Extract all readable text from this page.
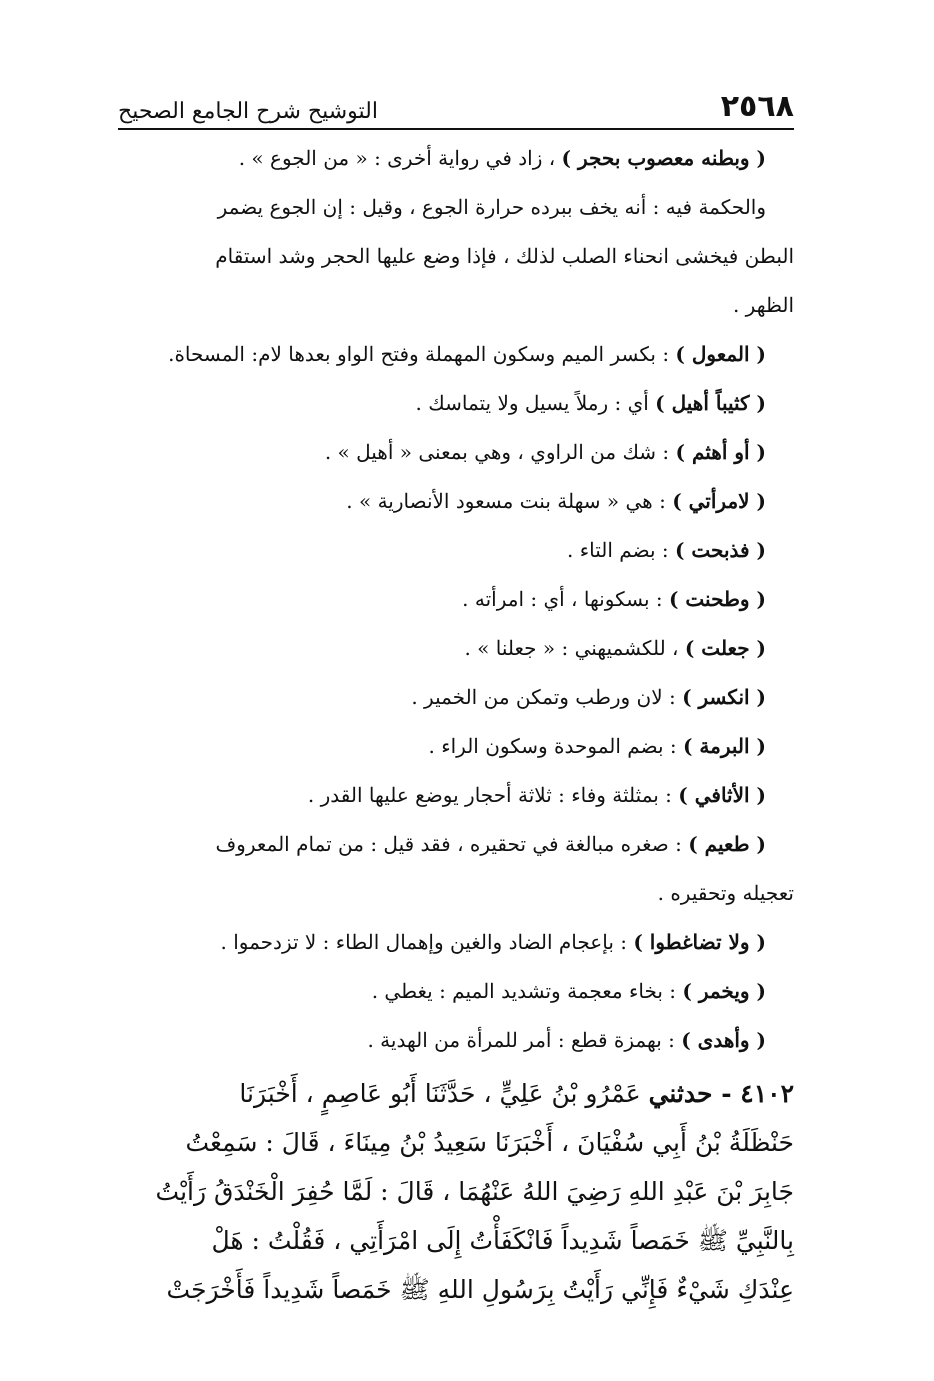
٢٥٦٨
التوشيح شرح الجامع الصحيح
( وبطنه معصوب بحجر ) ، زاد في رواية أخرى : « من الجوع » .
والحكمة فيه : أنه يخف ببرده حرارة الجوع ، وقيل : إن الجوع يضمر
البطن فيخشى انحناء الصلب لذلك ، فإذا وضع عليها الحجر وشد استقام
الظهر .
( المعول ) : بكسر الميم وسكون المهملة وفتح الواو بعدها لام: المسحاة.
( كثيباً أهيل ) أي : رملاً يسيل ولا يتماسك .
( أو أهثم ) : شك من الراوي ، وهي بمعنى « أهيل » .
( لامرأتي ) : هي « سهلة بنت مسعود الأنصارية » .
( فذبحت ) : بضم التاء .
( وطحنت ) : بسكونها ، أي : امرأته .
( جعلت ) ، للكشميهني : « جعلنا » .
( انكسر ) : لان ورطب وتمكن من الخمير .
( البرمة ) : بضم الموحدة وسكون الراء .
( الأثافي ) : بمثلثة وفاء : ثلاثة أحجار يوضع عليها القدر .
( طعيم ) : صغره مبالغة في تحقيره ، فقد قيل : من تمام المعروف
تعجيله وتحقيره .
( ولا تضاغطوا ) : بإعجام الضاد والغين وإهمال الطاء : لا تزدحموا .
( ويخمر ) : بخاء معجمة وتشديد الميم : يغطي .
( وأهدى ) : بهمزة قطع : أمر للمرأة من الهدية .
٤١٠٢ - حدثني عَمْرُو بْنُ عَلِيٍّ ، حَدَّثَنَا أَبُو عَاصِمٍ ، أَخْبَرَنَا
حَنْظَلَةُ بْنُ أَبِي سُفْيَانَ ، أَخْبَرَنَا سَعِيدُ بْنُ مِينَاءَ ، قَالَ : سَمِعْتُ
جَابِرَ بْنَ عَبْدِ اللهِ رَضِيَ اللهُ عَنْهُمَا ، قَالَ : لَمَّا حُفِرَ الْخَنْدَقُ رَأَيْتُ
بِالنَّبِيِّ ﷺ خَمَصاً شَدِيداً فَانْكَفَأْتُ إِلَى امْرَأَتِي ، فَقُلْتُ : هَلْ
عِنْدَكِ شَيْءٌ فَإِنِّي رَأَيْتُ بِرَسُولِ اللهِ ﷺ خَمَصاً شَدِيداً فَأَخْرَجَتْ
